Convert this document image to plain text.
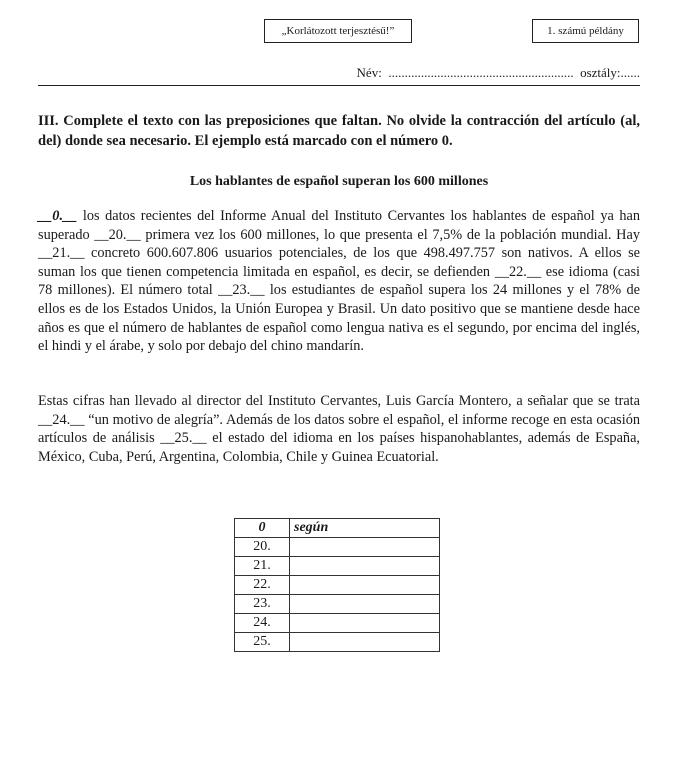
„Korlátozott terjesztésű!”	1. számú példány
Név: ......................................................... osztály:......
III. Complete el texto con las preposiciones que faltan. No olvide la contracción del artículo (al, del) donde sea necesario. El ejemplo está marcado con el número 0.
Los hablantes de español superan los 600 millones
__0.__ los datos recientes del Informe Anual del Instituto Cervantes los hablantes de español ya han superado __20.__ primera vez los 600 millones, lo que presenta el 7,5% de la población mundial. Hay __21.__ concreto 600.607.806 usuarios potenciales, de los que 498.497.757 son nativos. A ellos se suman los que tienen competencia limitada en español, es decir, se defienden __22.__ ese idioma (casi 78 millones). El número total __23.__ los estudiantes de español supera los 24 millones y el 78% de ellos es de los Estados Unidos, la Unión Europea y Brasil. Un dato positivo que se mantiene desde hace años es que el número de hablantes de español como lengua nativa es el segundo, por encima del inglés, el hindi y el árabe, y solo por debajo del chino mandarín.
Estas cifras han llevado al director del Instituto Cervantes, Luis García Montero, a señalar que se trata __24.__ “un motivo de alegría”. Además de los datos sobre el español, el informe recoge en esta ocasión artículos de análisis __25.__ el estado del idioma en los países hispanohablantes, además de España, México, Cuba, Perú, Argentina, Colombia, Chile y Guinea Ecuatorial.
0	según
20.	
21.	
22.	
23.	
24.	
25.	
